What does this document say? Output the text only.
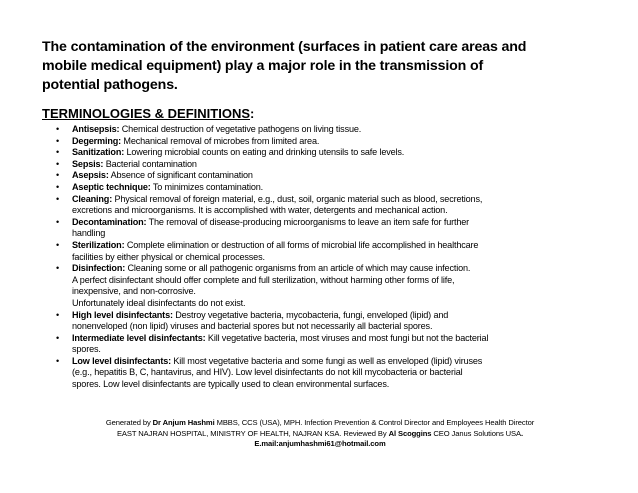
The contamination of the environment (surfaces in patient care areas and
mobile medical equipment) play a major role in the transmission of
potential pathogens.
TERMINOLOGIES & DEFINITIONS:
• Antisepsis: Chemical destruction of vegetative pathogens on living tissue.
• Degerming: Mechanical removal of microbes from limited area.
• Sanitization: Lowering microbial counts on eating and drinking utensils to safe levels.
• Sepsis: Bacterial contamination
• Asepsis: Absence of significant contamination
• Aseptic technique: To minimizes contamination.
• Cleaning: Physical removal of foreign material, e.g., dust, soil, organic material such as blood, secretions,
excretions and microorganisms. It is accomplished with water, detergents and mechanical action.
• Decontamination: The removal of disease-producing microorganisms to leave an item safe for further
handling
• Sterilization: Complete elimination or destruction of all forms of microbial life accomplished in healthcare
facilities by either physical or chemical processes.
• Disinfection: Cleaning some or all pathogenic organisms from an article of which may cause infection.
A perfect disinfectant should offer complete and full sterilization, without harming other forms of life,
inexpensive, and non-corrosive.
Unfortunately ideal disinfectants do not exist.
• High level disinfectants: Destroy vegetative bacteria, mycobacteria, fungi, enveloped (lipid) and
nonenveloped (non lipid) viruses and bacterial spores but not necessarily all bacterial spores.
• Intermediate level disinfectants: Kill vegetative bacteria, most viruses and most fungi but not the bacterial
spores.
• Low level disinfectants: Kill most vegetative bacteria and some fungi as well as enveloped (lipid) viruses
(e.g., hepatitis B, C, hantavirus, and HIV). Low level disinfectants do not kill mycobacteria or bacterial
spores. Low level disinfectants are typically used to clean environmental surfaces.
Generated by Dr Anjum Hashmi MBBS, CCS (USA), MPH. Infection Prevention & Control Director and Employees Health Director
EAST NAJRAN HOSPITAL, MINISTRY OF HEALTH, NAJRAN KSA. Reviewed By Al Scoggins CEO Janus Solutions USA.
E.mail:anjumhashmi61@hotmail.com
